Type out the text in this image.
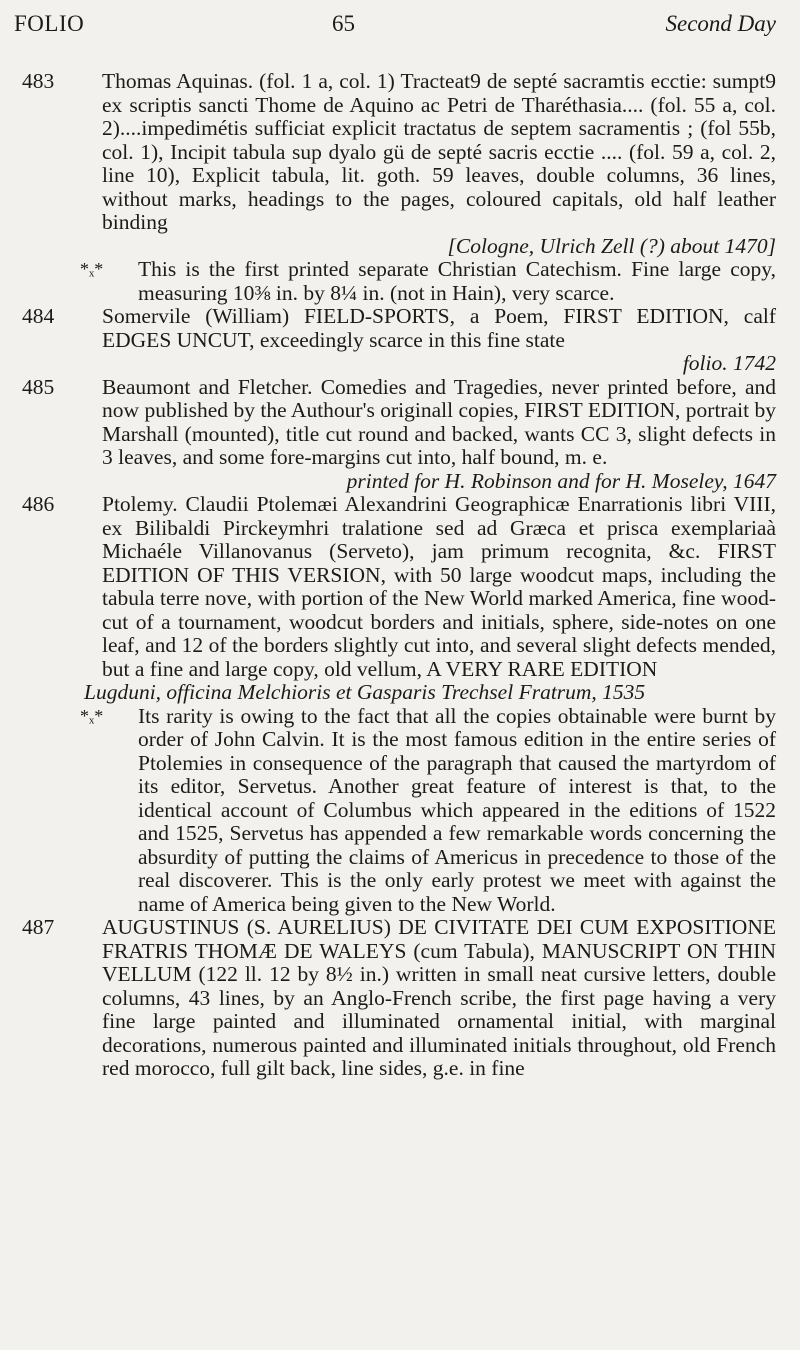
FOLIO	65	Second Day
483	Thomas Aquinas. (fol. 1 a, col. 1) Tracteat9 de septé sacramtis ecctie: sumpt9 ex scriptis sancti Thome de Aquino ac Petri de Tharéthasia.... (fol. 55 a, col. 2)....impedimétis sufficiat explicit tractatus de septem sacramentis ; (fol 55b, col. 1), Incipit tabula sup dyalo gü de septé sacris ecctie .... (fol. 59 a, col. 2, line 10), Explicit tabula, lit. goth. 59 leaves, double columns, 36 lines, without marks, headings to the pages, coloured capitals, old half leather binding
[Cologne, Ulrich Zell (?) about 1470]
*ₓ* This is the first printed separate Christian Catechism. Fine large copy, measuring 10⅜ in. by 8¼ in. (not in Hain), very scarce.
484	Somervile (William) FIELD-SPORTS, a Poem, FIRST EDITION, calf EDGES UNCUT, exceedingly scarce in this fine state
folio. 1742
485	Beaumont and Fletcher. Comedies and Tragedies, never printed before, and now published by the Authour's originall copies, FIRST EDITION, portrait by Marshall (mounted), title cut round and backed, wants CC 3, slight defects in 3 leaves, and some fore-margins cut into, half bound, m. e.
printed for H. Robinson and for H. Moseley, 1647
486	Ptolemy. Claudii Ptolemæi Alexandrini Geographicæ Enarrationis libri VIII, ex Bilibaldi Pirckeymhri tralatione sed ad Græca et prisca exemplariaà Michaéle Villanovanus (Serveto), jam primum recognita, &c. FIRST EDITION OF THIS VERSION, with 50 large woodcut maps, including the tabula terre nove, with portion of the New World marked America, fine woodcut of a tournament, woodcut borders and initials, sphere, side-notes on one leaf, and 12 of the borders slightly cut into, and several slight defects mended, but a fine and large copy, old vellum, A VERY RARE EDITION
Lugduni, officina Melchioris et Gasparis Trechsel Fratrum, 1535
*ₓ* Its rarity is owing to the fact that all the copies obtainable were burnt by order of John Calvin. It is the most famous edition in the entire series of Ptolemies in consequence of the paragraph that caused the martyrdom of its editor, Servetus. Another great feature of interest is that, to the identical account of Columbus which appeared in the editions of 1522 and 1525, Servetus has appended a few remarkable words concerning the absurdity of putting the claims of Americus in precedence to those of the real discoverer. This is the only early protest we meet with against the name of America being given to the New World.
487	AUGUSTINUS (S. AURELIUS) DE CIVITATE DEI CUM EXPOSITIONE FRATRIS THOMÆ DE WALEYS (cum Tabula), MANUSCRIPT ON THIN VELLUM (122 ll. 12 by 8½ in.) written in small neat cursive letters, double columns, 43 lines, by an Anglo-French scribe, the first page having a very fine large painted and illuminated ornamental initial, with marginal decorations, numerous painted and illuminated initials throughout, old French red morocco, full gilt back, line sides, g.e. in fine
